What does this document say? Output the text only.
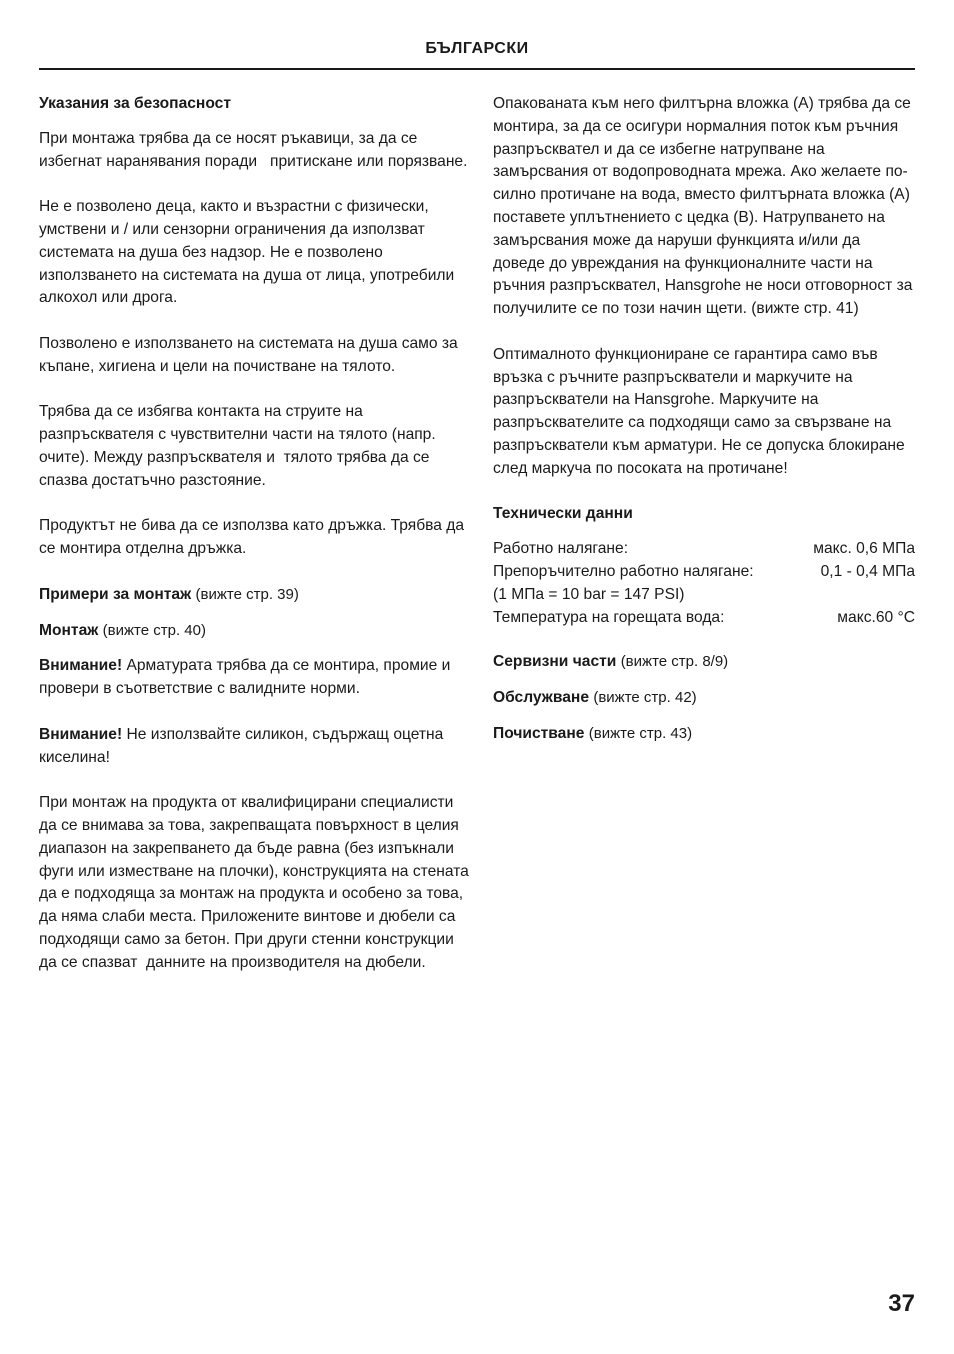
БЪЛГАРСКИ
Указания за безопасност

При монтажа трябва да се носят ръкавици, за да се избегнат наранявания поради   притискане или порязване.

Не е позволено деца, както и възрастни с физически, умствени и / или сензорни ограничения да използват системата на душа без надзор. Не е позволено използването на системата на душа от лица, употребили алкохол или дрога.

Позволено е използването на системата на душа само за къпане, хигиена и цели на почистване на тялото.

Трябва да се избягва контакта на струите на разпръсквателя с чувствителни части на тялото (напр. очите). Между разпръсквателя и  тялото трябва да се спазва достатъчно разстояние.

Продуктът не бива да се използва като дръжка. Трябва да се монтира отделна дръжка.

Примери за монтаж (вижте стр. 39)
Монтаж (вижте стр. 40)

Внимание! Арматурата трябва да се монтира, промие и провери в съответствие с валидните норми.

Внимание! Не използвайте силикон, съдържащ оцетна киселина!

При монтаж на продукта от квалифицирани специалисти да се внимава за това, закрепващата повърхност в целия диапазон на закрепването да бъде равна (без изпъкнали фуги или изместване на плочки), конструкцията на стената да е подходяща за монтаж на продукта и особено за това, да няма слаби места. Приложените винтове и дюбели са подходящи само за бетон. При други стенни конструкции да се спазват  данните на производителя на дюбели.

Опакованата към него филтърна вложка (А) трябва да се монтира, за да се осигури нормалния поток към ръчния разпръсквател и да се избегне натрупване на замърсвания от водопроводната мрежа. Ако желаете по-силно протичане на вода, вместо филтърната вложка (А) поставете уплътнението с цедка (В). Натрупването на замърсвания може да наруши функцията и/или да доведе до увреждания на функционалните части на ръчния разпръсквател, Hansgrohe не носи отговорност за получилите се по този начин щети. (вижте стр. 41)

Оптималното функциониране се гарантира само във връзка с ръчните разпръскватели и маркучите на разпръскватели на Hansgrohe. Маркучите на разпръсквателите са подходящи само за свързване на разпръскватели към арматури. Не се допуска блокиране след маркуча по посоката на протичане!

Технически данни
Работно налягане:	макс. 0,6 MПa
Препоръчително работно налягане:	0,1 - 0,4 MПa
(1 MПa = 10 bar = 147 PSI)
Температура на горещата вода:	макс.60 °C
Сервизни части (вижте стр. 8/9)
Обслужване (вижте стр. 42)
Почистване (вижте стр. 43)
37
